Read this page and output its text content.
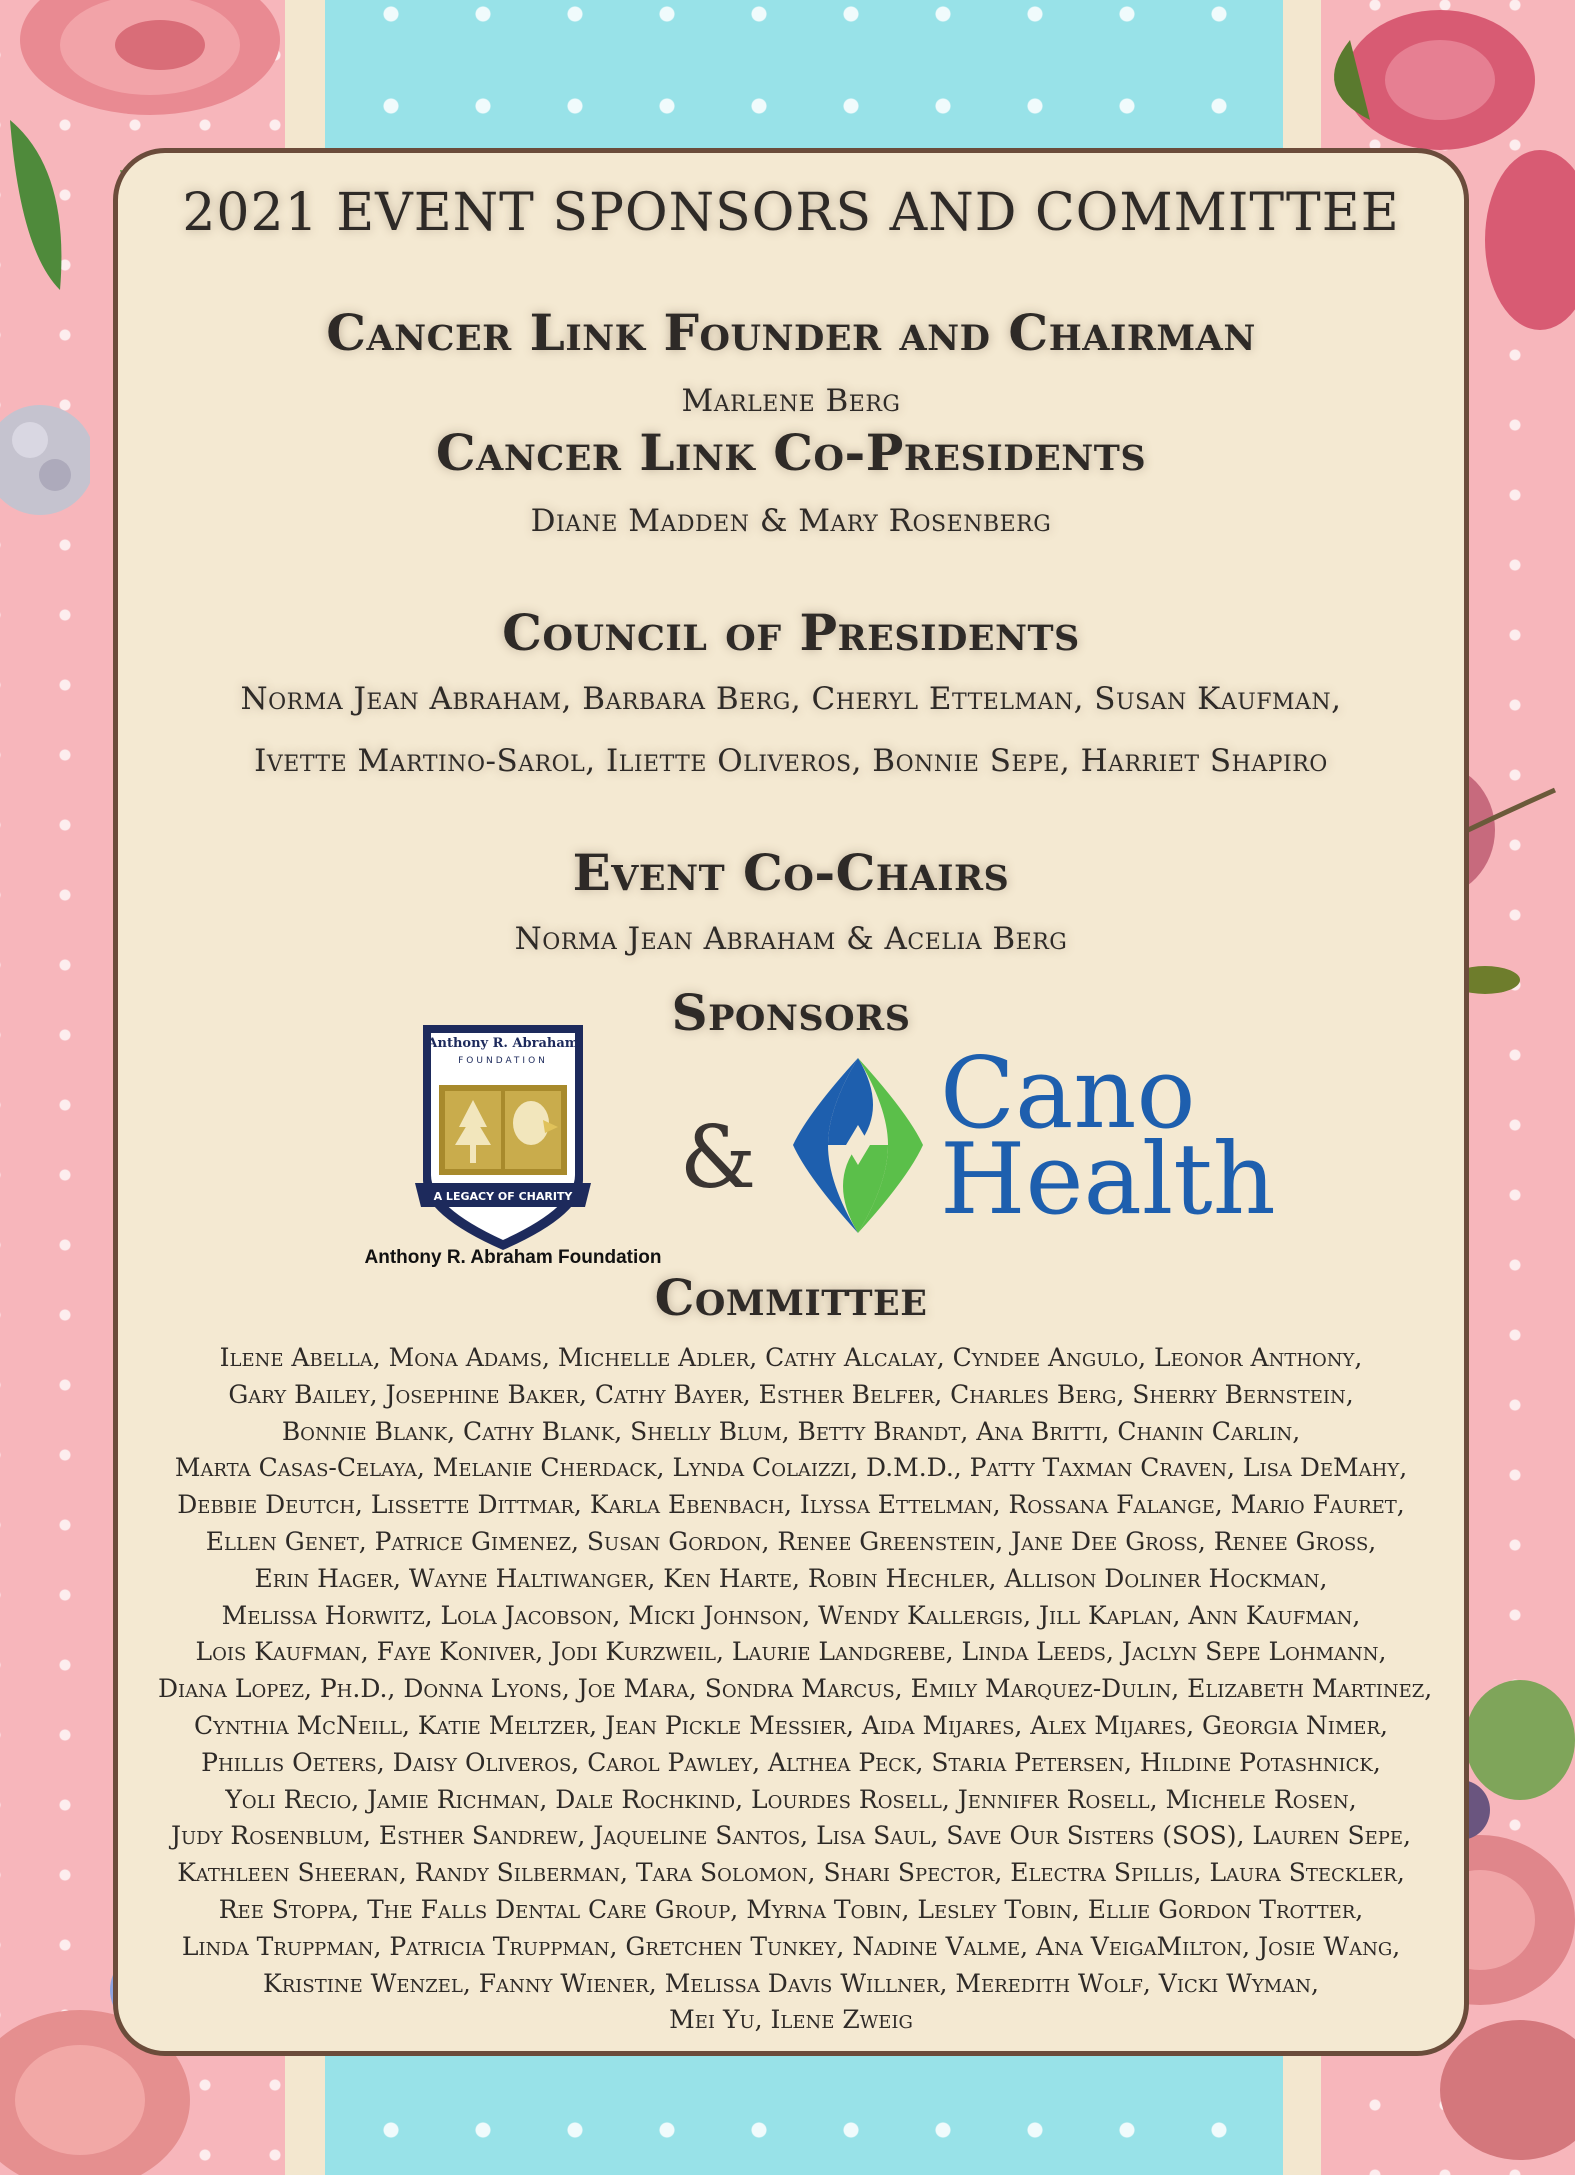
2021 EVENT SPONSORS AND COMMITTEE
Cancer Link Founder and Chairman
Marlene Berg
Cancer Link Co-Presidents
Diane Madden & Mary Rosenberg
Council of Presidents
Norma Jean Abraham, Barbara Berg, Cheryl Ettelman, Susan Kaufman,
Ivette Martino-Sarol, Iliette Oliveros, Bonnie Sepe, Harriet Shapiro
Event Co-Chairs
Norma Jean Abraham & Acelia Berg
Sponsors
Anthony R. Abraham
FOUNDATION
A LEGACY OF CHARITY
Anthony R. Abraham Foundation
&
Cano
Health
Committee
Ilene Abella, Mona Adams, Michelle Adler, Cathy Alcalay, Cyndee Angulo, Leonor Anthony,
Gary Bailey, Josephine Baker, Cathy Bayer, Esther Belfer, Charles Berg, Sherry Bernstein,
Bonnie Blank, Cathy Blank, Shelly Blum, Betty Brandt, Ana Britti, Chanin Carlin,
Marta Casas-Celaya, Melanie Cherdack, Lynda Colaizzi, D.M.D., Patty Taxman Craven, Lisa DeMahy,
Debbie Deutch, Lissette Dittmar, Karla Ebenbach, Ilyssa Ettelman, Rossana Falange, Mario Fauret,
Ellen Genet, Patrice Gimenez, Susan Gordon, Renee Greenstein, Jane Dee Gross, Renee Gross,
Erin Hager, Wayne Haltiwanger, Ken Harte, Robin Hechler, Allison Doliner Hockman,
Melissa Horwitz, Lola Jacobson, Micki Johnson, Wendy Kallergis, Jill Kaplan, Ann Kaufman,
Lois Kaufman, Faye Koniver, Jodi Kurzweil, Laurie Landgrebe, Linda Leeds, Jaclyn Sepe Lohmann,
Diana Lopez, Ph.D., Donna Lyons, Joe Mara, Sondra Marcus, Emily Marquez-Dulin, Elizabeth Martinez,
Cynthia McNeill, Katie Meltzer, Jean Pickle Messier, Aida Mijares, Alex Mijares, Georgia Nimer,
Phillis Oeters, Daisy Oliveros, Carol Pawley, Althea Peck, Staria Petersen, Hildine Potashnick,
Yoli Recio, Jamie Richman, Dale Rochkind, Lourdes Rosell, Jennifer Rosell, Michele Rosen,
Judy Rosenblum, Esther Sandrew, Jaqueline Santos, Lisa Saul, Save Our Sisters (SOS), Lauren Sepe,
Kathleen Sheeran, Randy Silberman, Tara Solomon, Shari Spector, Electra Spillis, Laura Steckler,
Ree Stoppa, The Falls Dental Care Group, Myrna Tobin, Lesley Tobin, Ellie Gordon Trotter,
Linda Truppman, Patricia Truppman, Gretchen Tunkey, Nadine Valme, Ana VeigaMilton, Josie Wang,
Kristine Wenzel, Fanny Wiener, Melissa Davis Willner, Meredith Wolf, Vicki Wyman,
Mei Yu, Ilene Zweig
